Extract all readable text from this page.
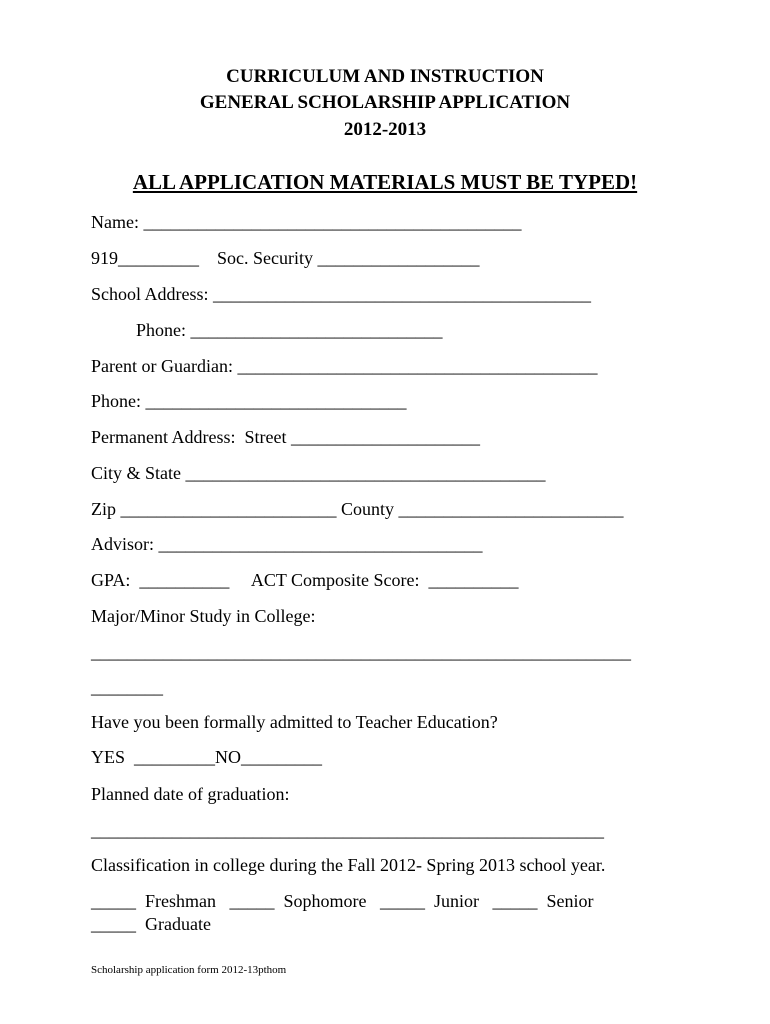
CURRICULUM AND INSTRUCTION
GENERAL SCHOLARSHIP APPLICATION
2012-2013
ALL APPLICATION MATERIALS MUST BE TYPED!
Name: __________________________________________
919_________    Soc. Security __________________
School Address: __________________________________________
Phone: ____________________________
Parent or Guardian: ________________________________________
Phone: _____________________________
Permanent Address:  Street _____________________
City & State ________________________________________
Zip ________________________ County _________________________
Advisor: ____________________________________
GPA:  __________     ACT Composite Score:  __________
Major/Minor Study in College:
____________________________________________________________
________
Have you been formally admitted to Teacher Education?
YES  _________NO_________
Planned date of graduation:
_________________________________________________________
Classification in college during the Fall 2012- Spring 2013 school year.
_____  Freshman   _____  Sophomore   _____  Junior   _____  Senior
_____  Graduate
Scholarship application form 2012-13pthom
